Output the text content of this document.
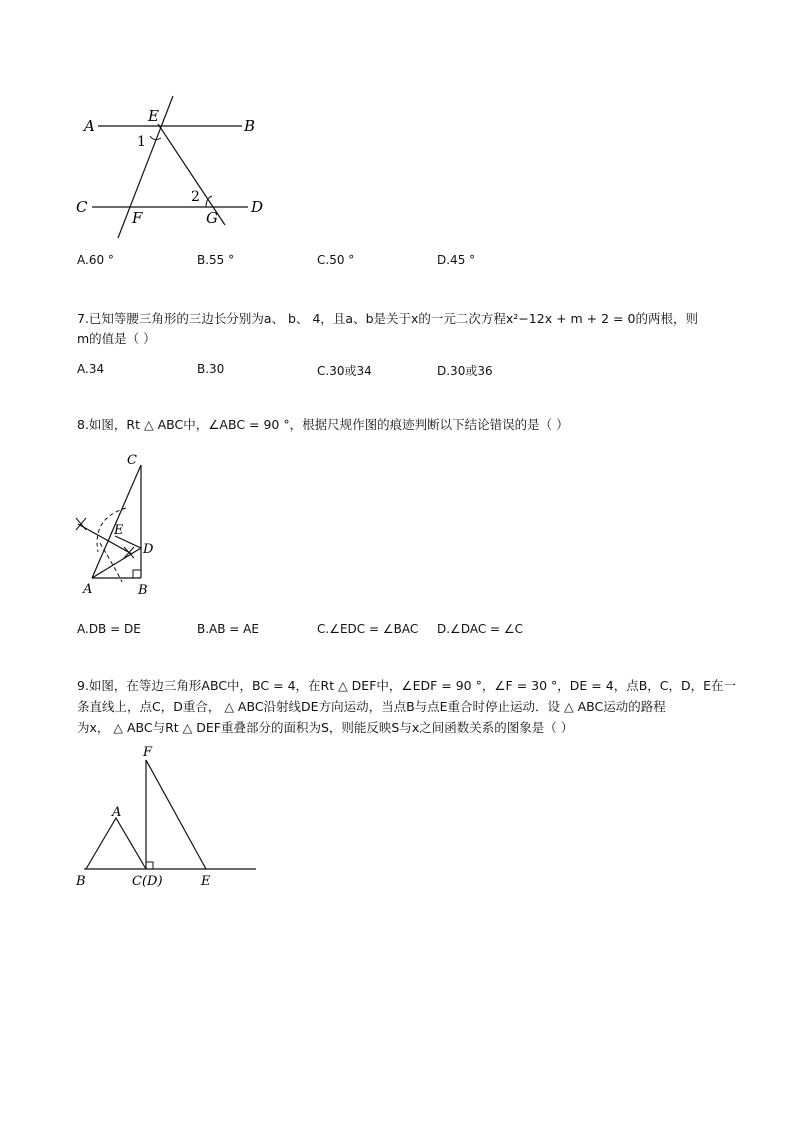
A
E
B
1
2
C
F	G
D
A.60 °	B.55 °	C.50 °	D.45 °
7.已知等腰三角形的三边长分别为a、 b、 4，且a、b是关于x的一元二次方程x²−12x + m + 2 = 0的两根，则
m的值是（ ）
A.34	B.30	C.30或34	D.30或36
8.如图，Rt △ ABC中，∠ABC = 90 °，根据尺规作图的痕迹判断以下结论错误的是（ ）
C
E
D
A	B
A.DB = DE	B.AB = AE	C.∠EDC = ∠BAC D.∠DAC = ∠C
9.如图，在等边三角形ABC中，BC = 4，在Rt △ DEF中，∠EDF = 90 °，∠F = 30 °，DE = 4，点B，C，D，E在一
条直线上，点C，D重合， △ ABC沿射线DE方向运动，当点B与点E重合时停止运动．设 △ ABC运动的路程
为x， △ ABC与Rt △ DEF重叠部分的面积为S，则能反映S与x之间函数关系的图象是（ ）
F
A
B	C(D)	E
